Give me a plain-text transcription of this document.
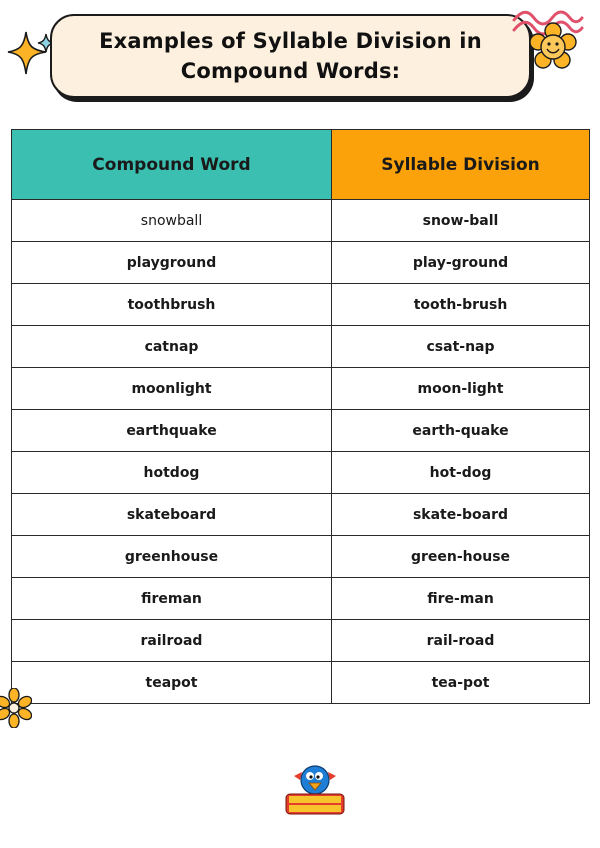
Examples of Syllable Division in
Compound Words:
Compound Word	Syllable Division
snowball	snow-ball
playground	play-ground
toothbrush	tooth-brush
catnap	csat-nap
moonlight	moon-light
earthquake	earth-quake
hotdog	hot-dog
skateboard	skate-board
greenhouse	green-house
fireman	fire-man
railroad	rail-road
teapot	tea-pot
